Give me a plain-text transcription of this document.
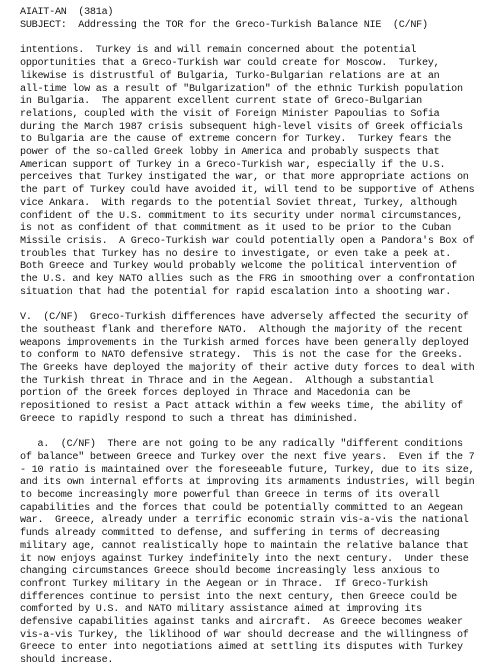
AIAIT-AN  (381a)

SUBJECT:  Addressing the TOR for the Greco-Turkish Balance NIE  (C/NF)

intentions.  Turkey is and will remain concerned about the potential

opportunities that a Greco-Turkish war could create for Moscow.  Turkey,

likewise is distrustful of Bulgaria, Turko-Bulgarian relations are at an

all-time low as a result of "Bulgarization" of the ethnic Turkish population

in Bulgaria.  The apparent excellent current state of Greco-Bulgarian

relations, coupled with the visit of Foreign Minister Papoulias to Sofia

during the March 1987 crisis subsequent high-level visits of Greek officials

to Bulgaria are the cause of extreme concern for Turkey.  Turkey fears the

power of the so-called Greek lobby in America and probably suspects that

American support of Turkey in a Greco-Turkish war, especially if the U.S.

perceives that Turkey instigated the war, or that more appropriate actions on

the part of Turkey could have avoided it, will tend to be supportive of Athens

vice Ankara.  With regards to the potential Soviet threat, Turkey, although

confident of the U.S. commitment to its security under normal circumstances,

is not as confident of that commitment as it used to be prior to the Cuban

Missile crisis.  A Greco-Turkish war could potentially open a Pandora's Box of

troubles that Turkey has no desire to investigate, or even take a peek at.

Both Greece and Turkey would probably welcome the political intervention of

the U.S. and key NATO allies such as the FRG in smoothing over a confrontation

situation that had the potential for rapid escalation into a shooting war.

V.  (C/NF)  Greco-Turkish differences have adversely affected the security of

the southeast flank and therefore NATO.  Although the majority of the recent

weapons improvements in the Turkish armed forces have been generally deployed

to conform to NATO defensive strategy.  This is not the case for the Greeks.

The Greeks have deployed the majority of their active duty forces to deal with

the Turkish threat in Thrace and in the Aegean.  Although a substantial

portion of the Greek forces deployed in Thrace and Macedonia can be

repositioned to resist a Pact attack within a few weeks time, the ability of

Greece to rapidly respond to such a threat has diminished.

a.  (C/NF)  There are not going to be any radically "different conditions

of balance" between Greece and Turkey over the next five years.  Even if the 7

- 10 ratio is maintained over the foreseeable future, Turkey, due to its size,

and its own internal efforts at improving its armaments industries, will begin

to become increasingly more powerful than Greece in terms of its overall

capabilities and the forces that could be potentially committed to an Aegean

war.  Greece, already under a terrific economic strain vis-a-vis the national

funds already committed to defense, and suffering in terms of decreasing

military age, cannot realistically hope to maintain the relative balance that

it now enjoys against Turkey indefinitely into the next century.  Under these

changing circumstances Greece should become increasingly less anxious to

confront Turkey military in the Aegean or in Thrace.  If Greco-Turkish

differences continue to persist into the next century, then Greece could be

comforted by U.S. and NATO military assistance aimed at improving its

defensive capabilities against tanks and aircraft.  As Greece becomes weaker

vis-a-vis Turkey, the liklihood of war should decrease and the willingness of

Greece to enter into negotiations aimed at settling its disputes with Turkey

should increase.
